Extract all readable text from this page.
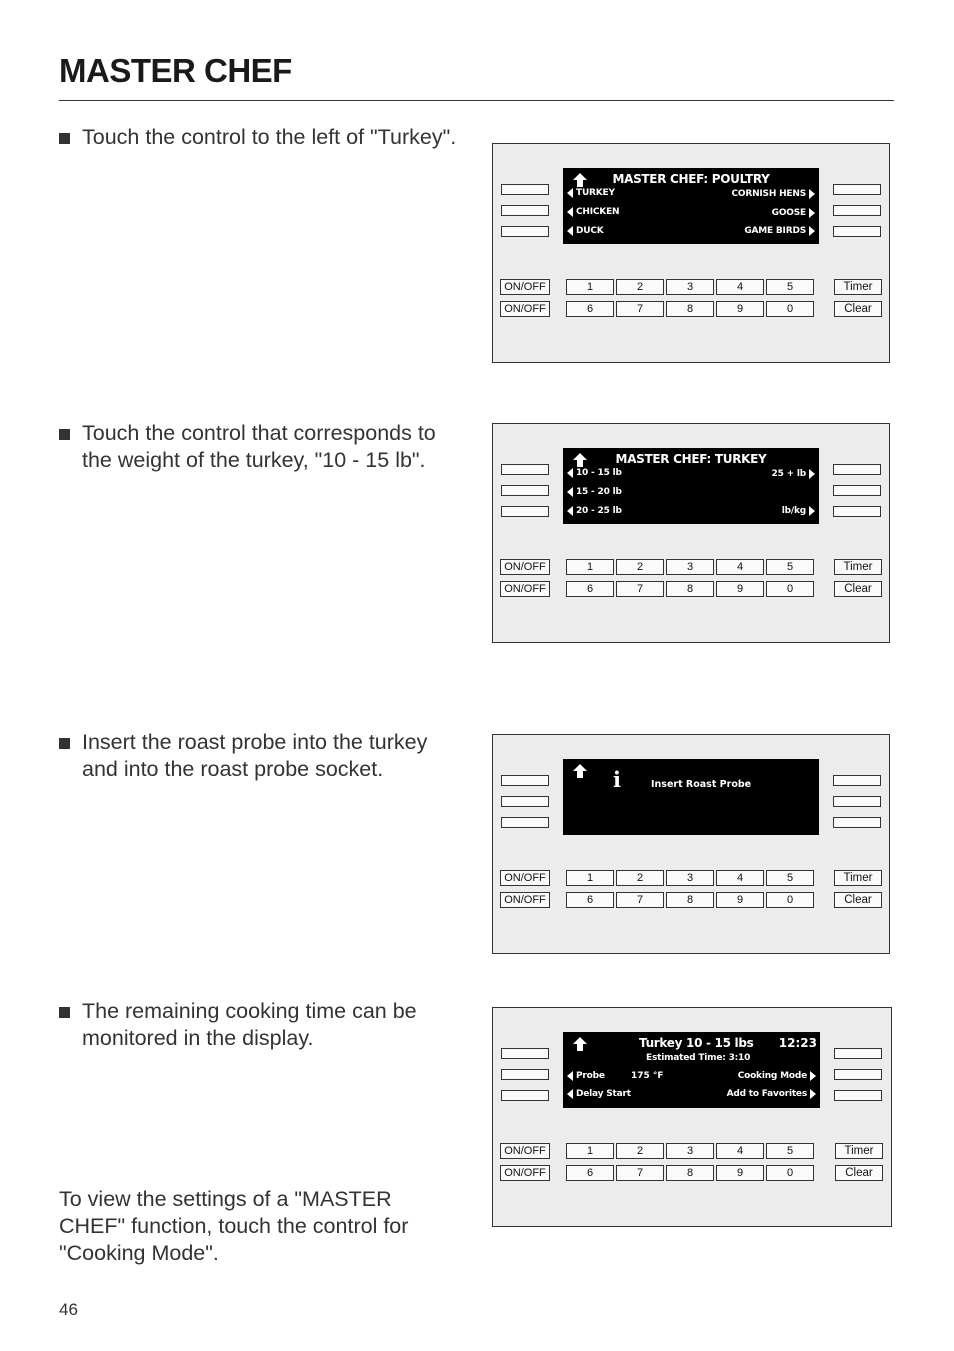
MASTER CHEF
Touch the control to the left of "Turkey".
Touch the control that corresponds to the weight of the turkey, "10 - 15 lb".
Insert the roast probe into the turkey and into the roast probe socket.
The remaining cooking time can be monitored in the display.
To view the settings of a "MASTER CHEF" function, touch the control for "Cooking Mode".
46
MASTER CHEF: POULTRY
TURKEY
CHICKEN
DUCK
CORNISH HENS
GOOSE
GAME BIRDS
ON/OFF
ON/OFF
1	2	3	4	5
6	7	8	9	0
Timer
Clear
MASTER CHEF: TURKEY
10 - 15 lb
15 - 20 lb
20 - 25 lb
25 + lb
lb/kg
ON/OFF
ON/OFF
1	2	3	4	5
6	7	8	9	0
Timer
Clear
i	Insert Roast Probe
ON/OFF
ON/OFF
1	2	3	4	5
6	7	8	9	0
Timer
Clear
Turkey 10 - 15 lbs 12:23
Estimated Time: 3:10
Probe	175 °F
Delay Start
Cooking Mode
Add to Favorites
ON/OFF
ON/OFF
1	2	3	4	5
6	7	8	9	0
Timer
Clear
